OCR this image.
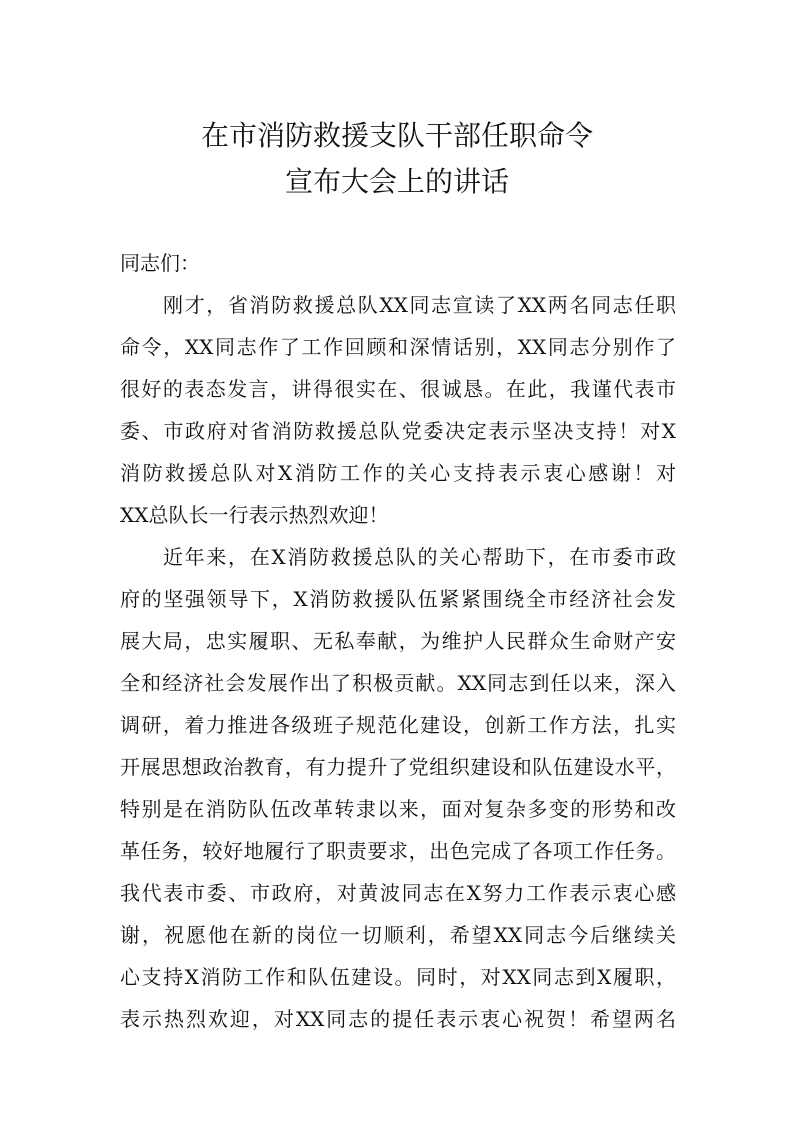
在市消防救援支队干部任职命令
宣布大会上的讲话
同志们：
刚才，省消防救援总队XX同志宣读了XX两名同志任职
命令，XX同志作了工作回顾和深情话别，XX同志分别作了
很好的表态发言，讲得很实在、很诚恳。在此，我谨代表市
委、市政府对省消防救援总队党委决定表示坚决支持！对X
消防救援总队对X消防工作的关心支持表示衷心感谢！对
XX总队长一行表示热烈欢迎！
近年来，在X消防救援总队的关心帮助下，在市委市政
府的坚强领导下，X消防救援队伍紧紧围绕全市经济社会发
展大局，忠实履职、无私奉献，为维护人民群众生命财产安
全和经济社会发展作出了积极贡献。XX同志到任以来，深入
调研，着力推进各级班子规范化建设，创新工作方法，扎实
开展思想政治教育，有力提升了党组织建设和队伍建设水平，
特别是在消防队伍改革转隶以来，面对复杂多变的形势和改
革任务，较好地履行了职责要求，出色完成了各项工作任务。
我代表市委、市政府，对黄波同志在X努力工作表示衷心感
谢，祝愿他在新的岗位一切顺利，希望XX同志今后继续关
心支持X消防工作和队伍建设。同时，对XX同志到X履职，
表示热烈欢迎，对XX同志的提任表示衷心祝贺！希望两名
